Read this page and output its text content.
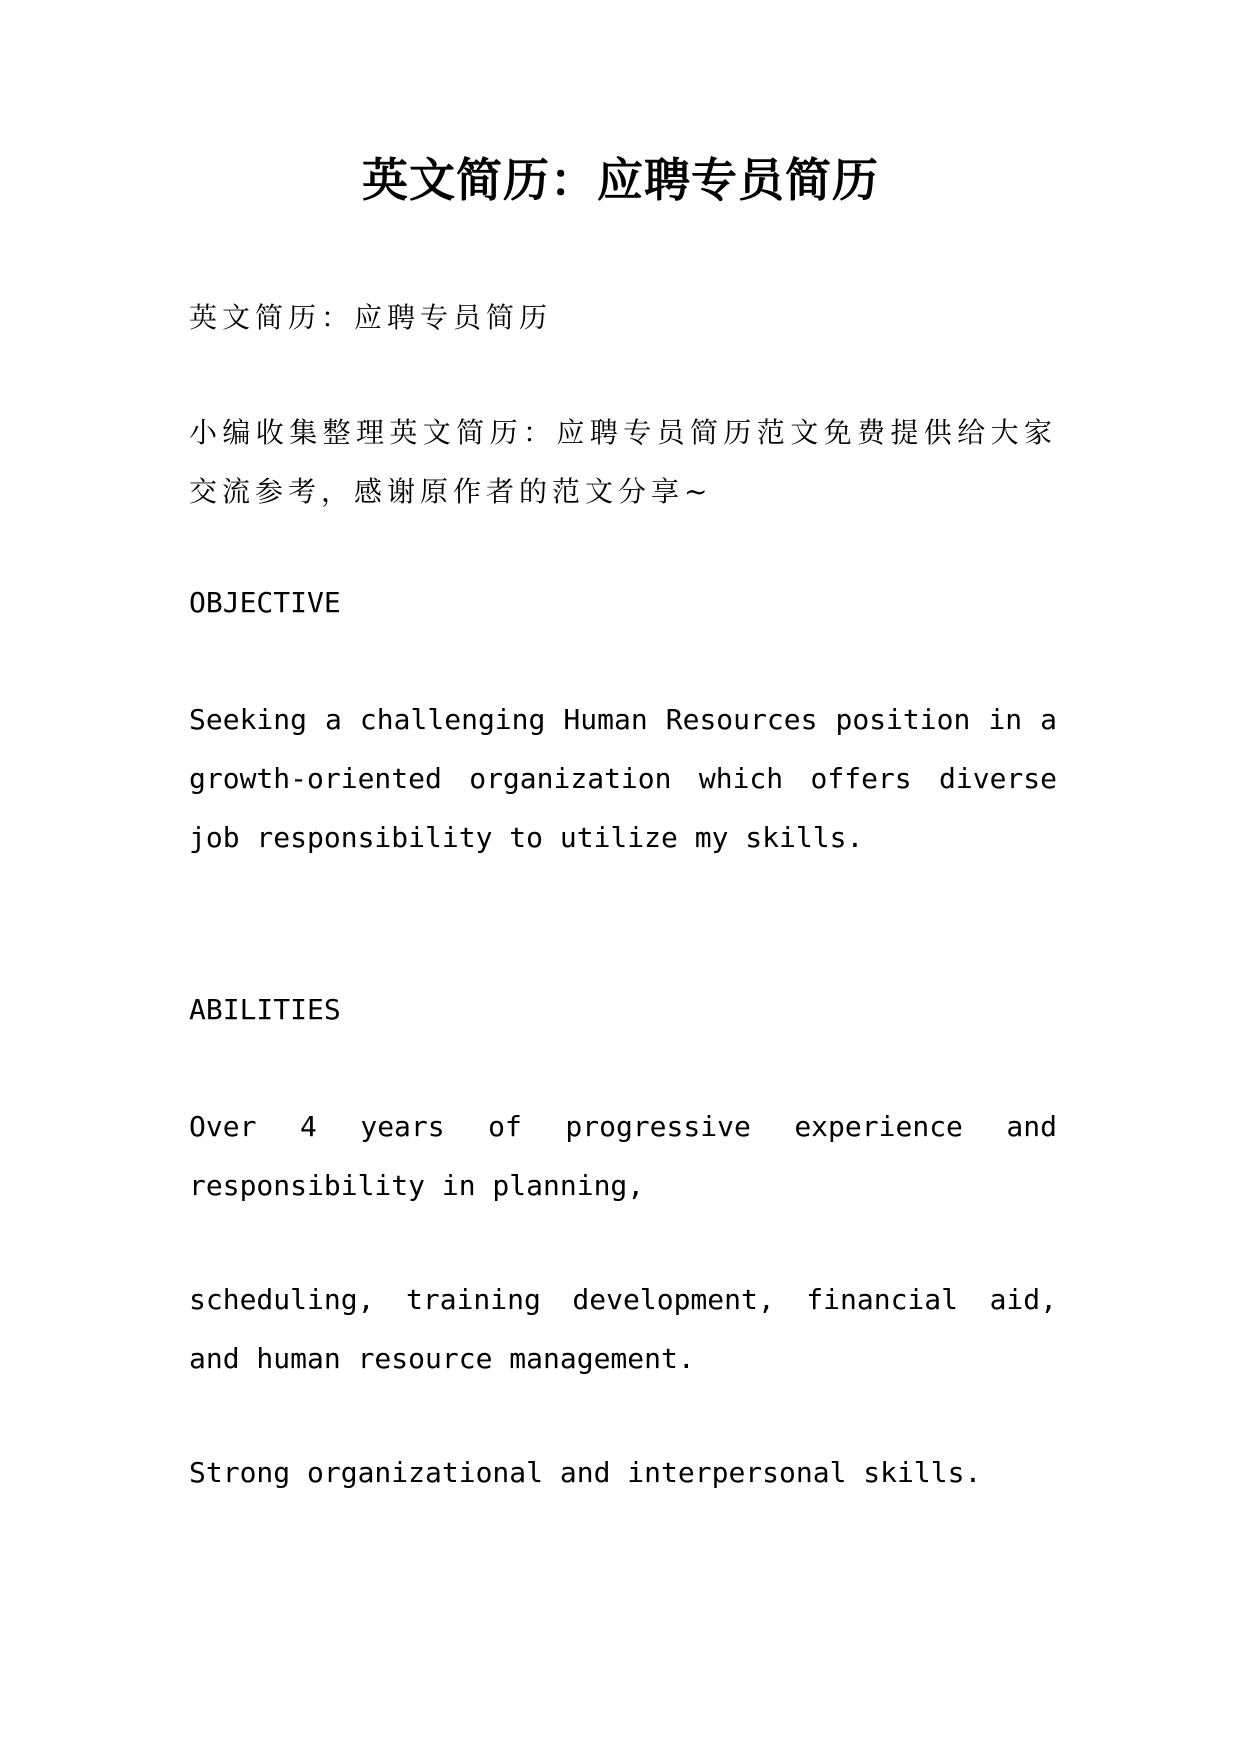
英文简历：应聘专员简历

英文简历：应聘专员简历

小编收集整理英文简历：应聘专员简历范文免费提供给大家交流参考，感谢原作者的范文分享~

OBJECTIVE

Seeking a challenging Human Resources position in a growth-oriented organization which offers diverse job responsibility to utilize my skills.

ABILITIES

Over 4 years of progressive experience and responsibility in planning,

scheduling, training development, financial aid, and human resource management.

Strong organizational and interpersonal skills.
